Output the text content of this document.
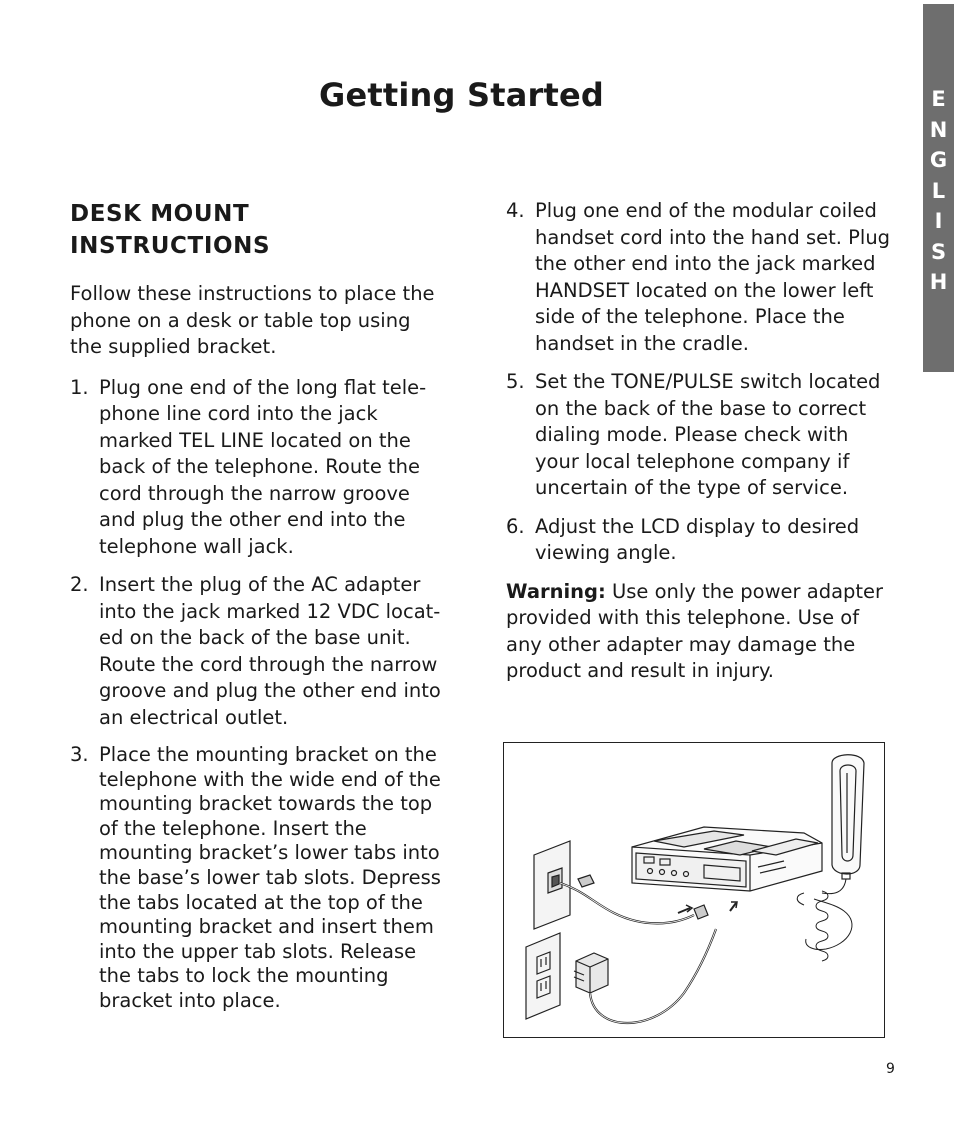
E
N
G
L
I
S
H
Getting Started
DESK MOUNT
INSTRUCTIONS

Follow these instructions to place the phone on a desk or table top using the supplied bracket.

1. Plug one end of the long flat tele-phone line cord into the jack marked TEL LINE located on the back of the telephone. Route the cord through the narrow groove and plug the other end into the telephone wall jack.
2. Insert the plug of the AC adapter into the jack marked 12 VDC locat-ed on the back of the base unit. Route the cord through the narrow groove and plug the other end into an electrical outlet.
3. Place the mounting bracket on the telephone with the wide end of the mounting bracket towards the top of the telephone. Insert the mounting bracket’s lower tabs into the base’s lower tab slots. Depress the tabs located at the top of the mounting bracket and insert them into the upper tab slots. Release the tabs to lock the mounting bracket into place.
4. Plug one end of the modular coiled handset cord into the hand set. Plug the other end into the jack marked HANDSET located on the lower left side of the telephone. Place the handset in the cradle.
5. Set the TONE/PULSE switch located on the back of the base to correct dialing mode. Please check with your local telephone company if uncertain of the type of service.
6. Adjust the LCD display to desired viewing angle.

Warning: Use only the power adapter provided with this telephone. Use of any other adapter may damage the product and result in injury.

9
